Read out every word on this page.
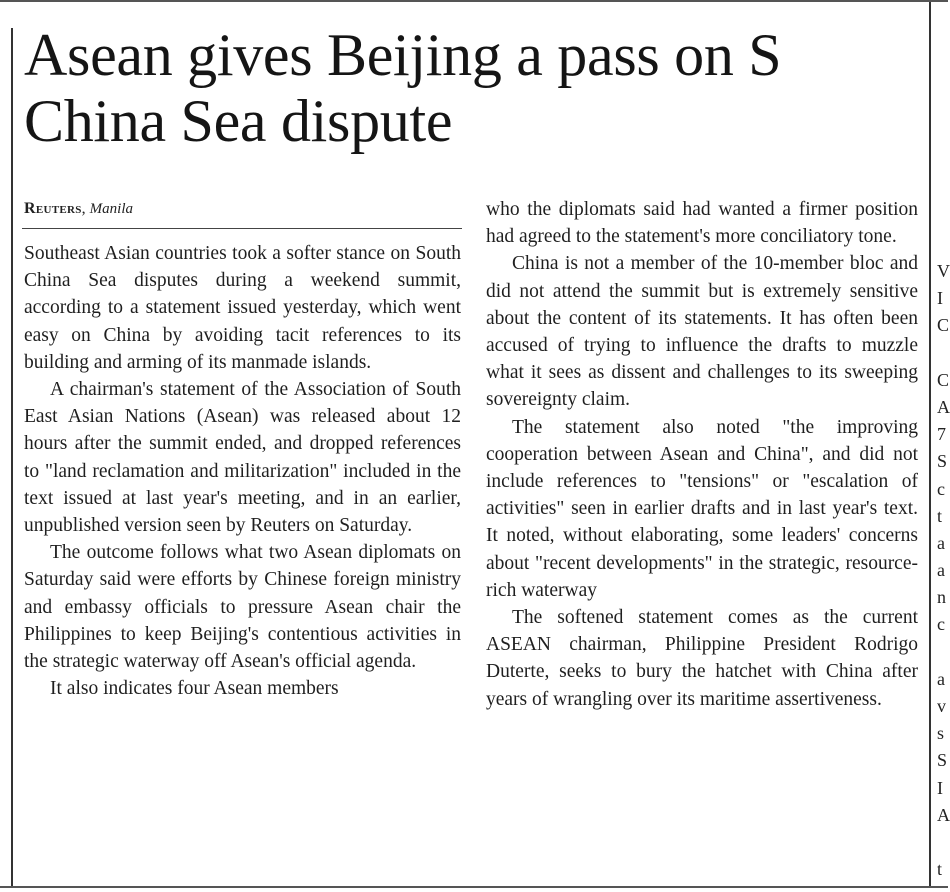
Asean gives Beijing a pass on S China Sea dispute
Reuters, Manila

Southeast Asian countries took a softer stance on South China Sea disputes during a weekend summit, according to a statement issued yesterday, which went easy on China by avoiding tacit references to its building and arming of its manmade islands.

A chairman's statement of the Association of South East Asian Nations (Asean) was released about 12 hours after the summit ended, and dropped references to "land reclamation and militarization" included in the text issued at last year's meeting, and in an earlier, unpublished version seen by Reuters on Saturday.

The outcome follows what two Asean diplomats on Saturday said were efforts by Chinese foreign ministry and embassy officials to pressure Asean chair the Philippines to keep Beijing's contentious activities in the strategic waterway off Asean's official agenda.

It also indicates four Asean members

who the diplomats said had wanted a firmer position had agreed to the statement's more conciliatory tone.

China is not a member of the 10-member bloc and did not attend the summit but is extremely sensitive about the content of its statements. It has often been accused of trying to influence the drafts to muzzle what it sees as dissent and challenges to its sweeping sovereignty claim.

The statement also noted "the improving cooperation between Asean and China", and did not include references to "tensions" or "escalation of activities" seen in earlier drafts and in last year's text. It noted, without elaborating, some leaders' concerns about "recent developments" in the strategic, resource-rich waterway

The softened statement comes as the current ASEAN chairman, Philippine President Rodrigo Duterte, seeks to bury the hatchet with China after years of wrangling over its maritime assertiveness.

V
I
C
C
A
7
S
c
t
a
a
n
c
a
v
s
S
I
A
t
